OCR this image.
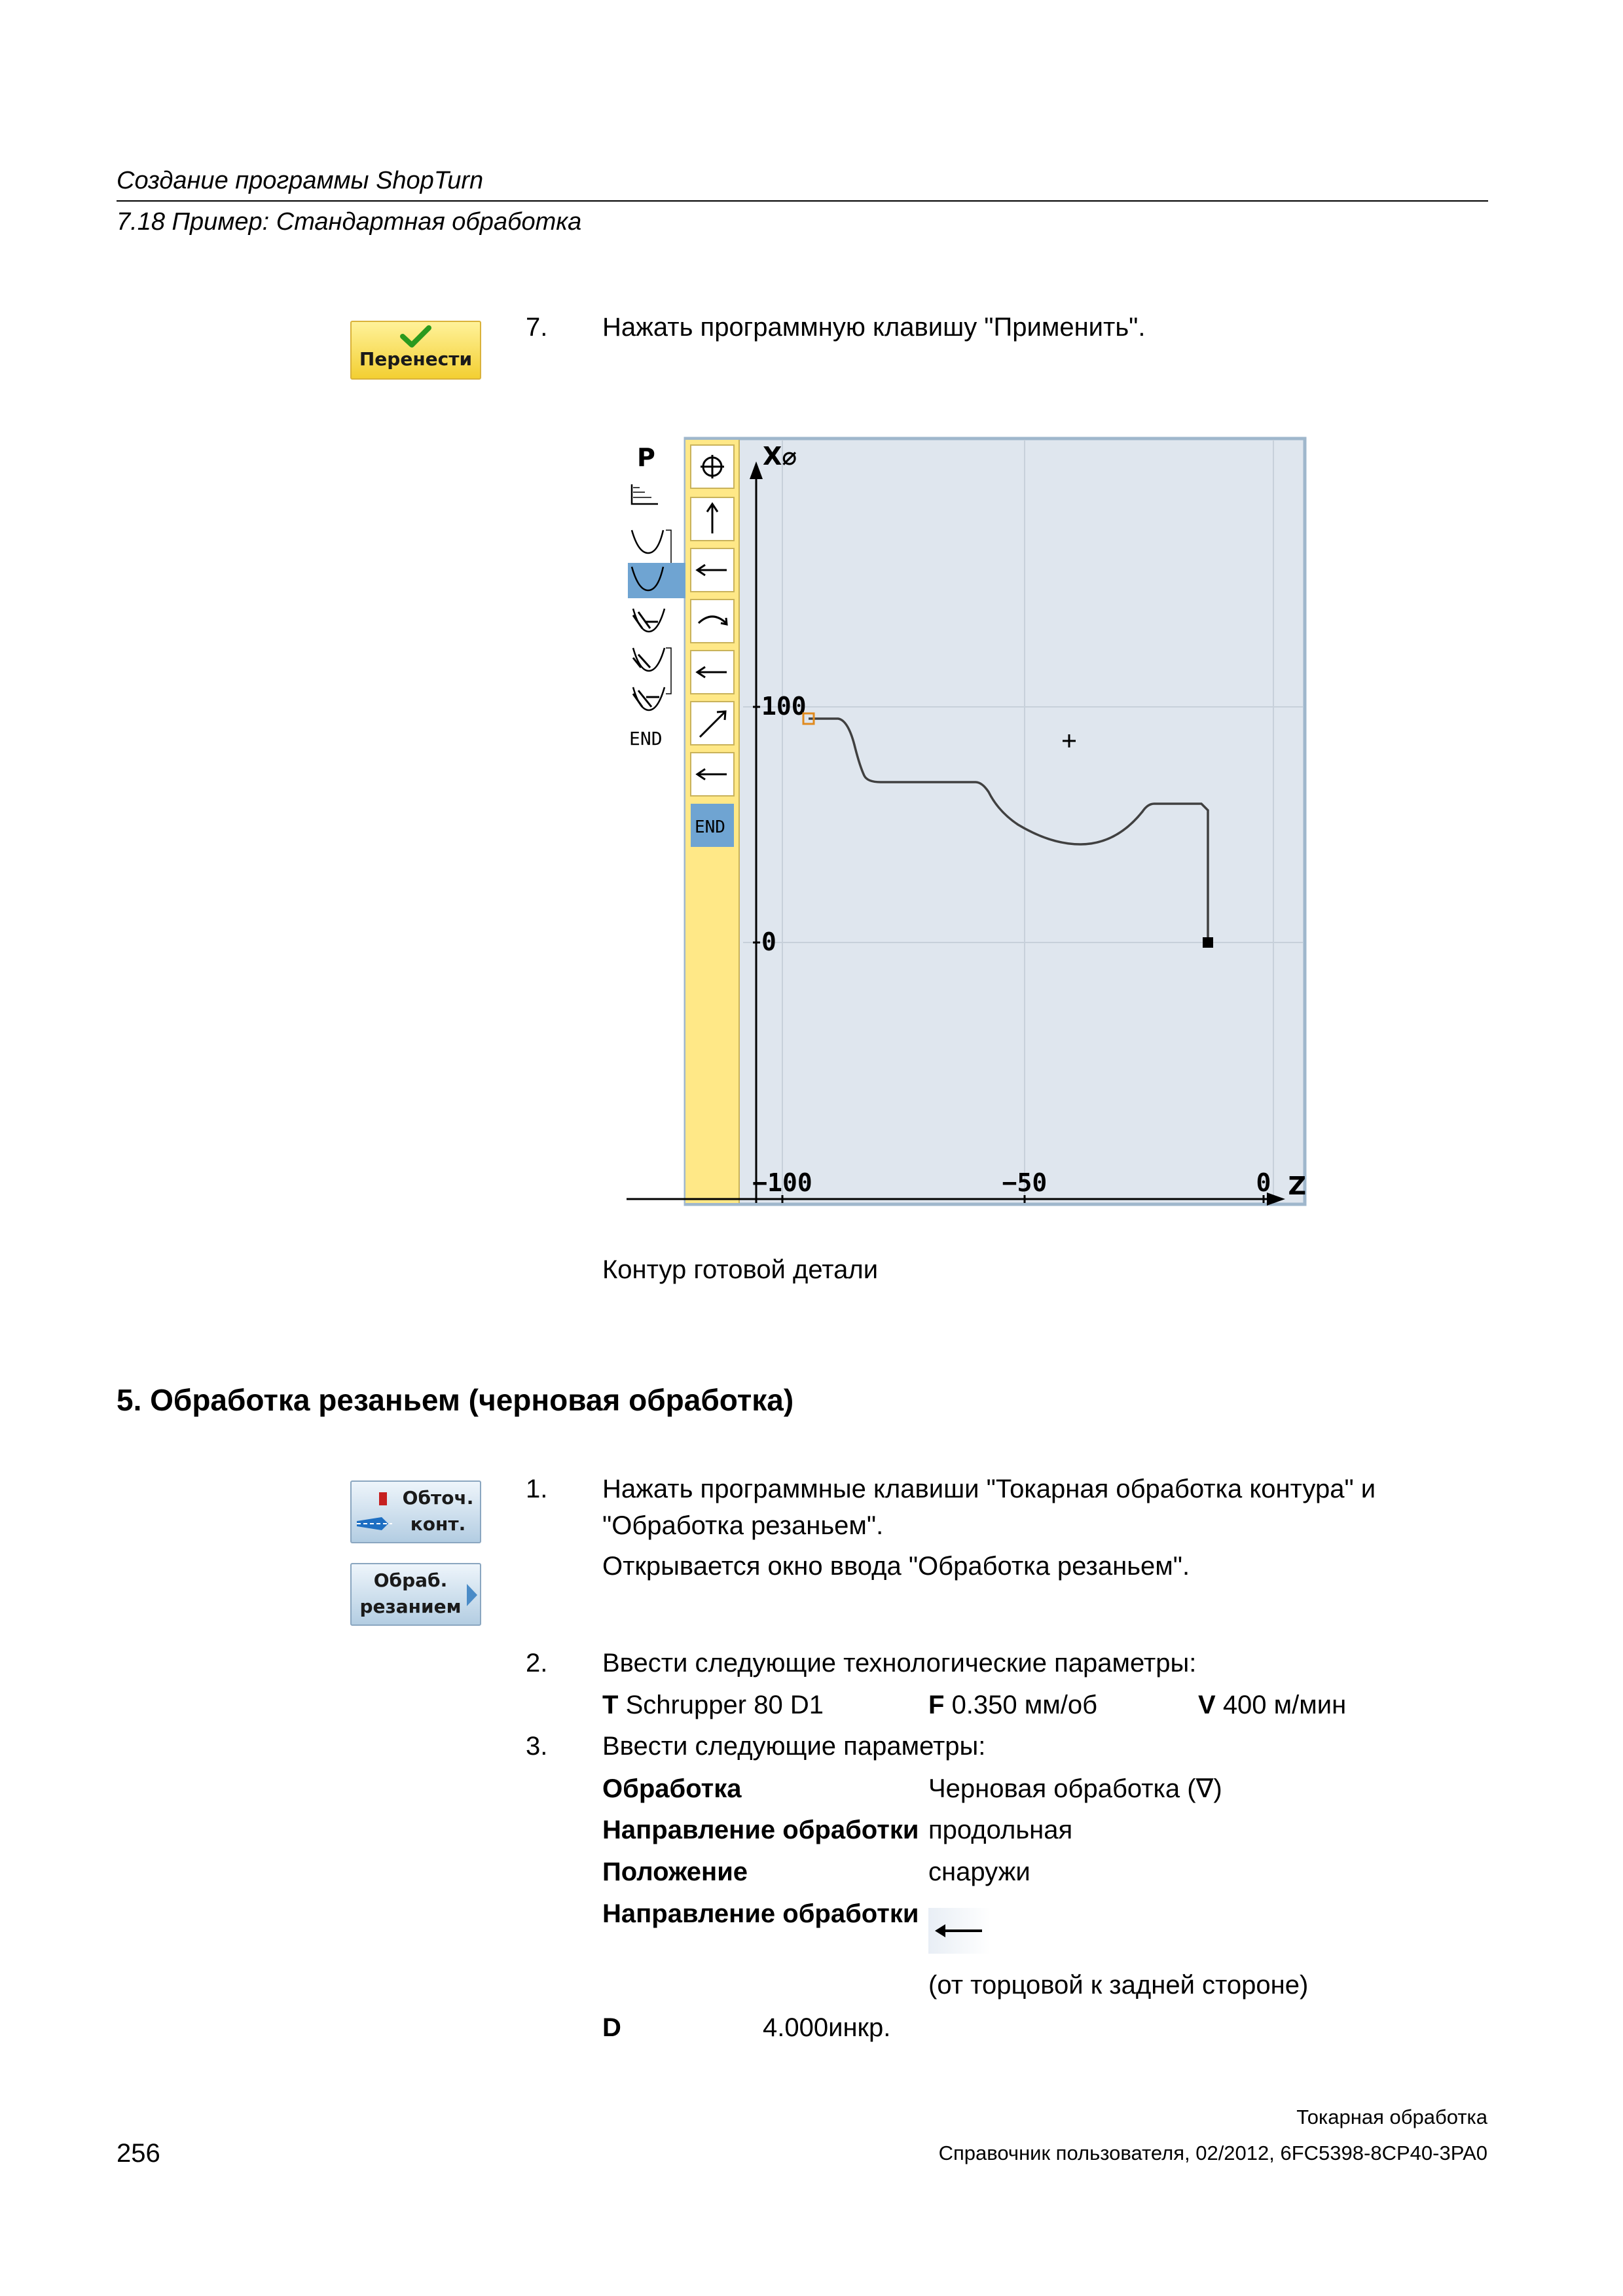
Создание программы ShopTurn
7.18 Пример: Стандартная обработка
Перенести
7. Нажать программную клавишу "Применить".
P
END
END
X⌀
Z
100
0
−100	−50	0
Контур готовой детали
5. Обработка резаньем (черновая обработка)
Обточ.
конт.
Обраб.
резанием
1. Нажать программные клавиши "Токарная обработка контура" и
"Обработка резаньем".
Открывается окно ввода "Обработка резаньем".
2. Ввести следующие технологические параметры:
T Schrupper 80 D1	F 0.350 мм/об	V 400 м/мин
3. Ввести следующие параметры:
Обработка	Черновая обработка (∇)
Направление обработки продольная
Положение	снаружи
Направление обработки
(от торцовой к задней стороне)
D	4.000инкр.
Токарная обработка
256	Справочник пользователя, 02/2012, 6FC5398-8CP40-3PA0
